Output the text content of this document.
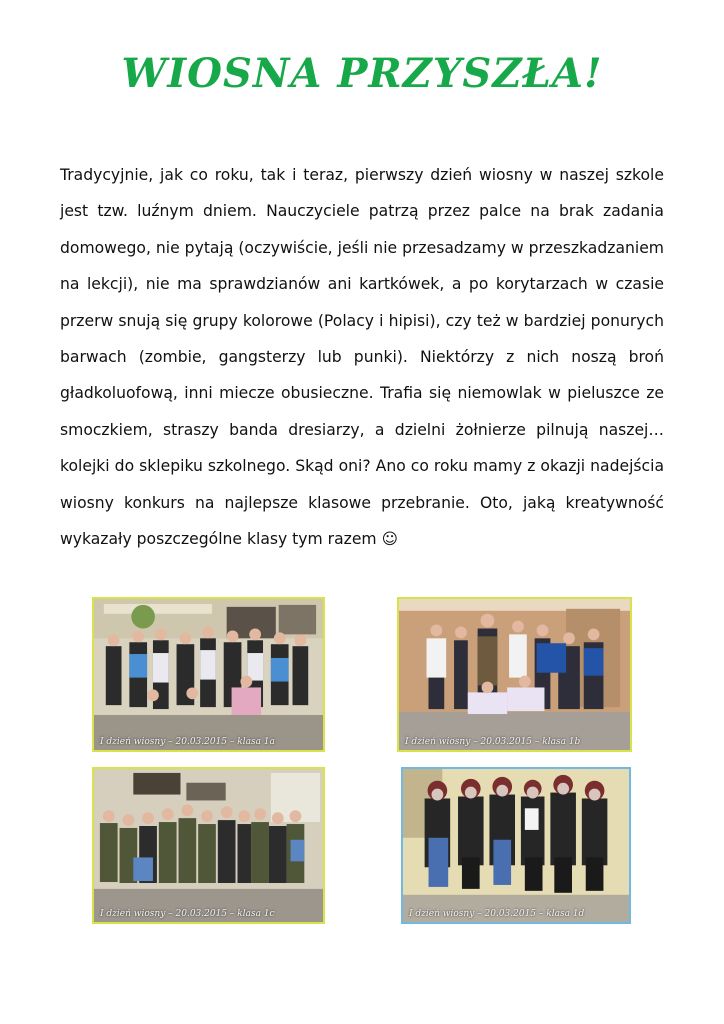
WIOSNA PRZYSZŁA!

Tradycyjnie, jak co roku, tak i teraz, pierwszy dzień wiosny w naszej szkole jest tzw. luźnym dniem. Nauczyciele patrzą przez palce na brak zadania domowego, nie pytają (oczywiście, jeśli nie przesadzamy w przeszkadzaniem na lekcji), nie ma sprawdzianów ani kartkówek, a po korytarzach w czasie przerw snują się grupy kolorowe (Polacy i hipisi), czy też w bardziej ponurych barwach (zombie, gangsterzy lub punki). Niektórzy z nich noszą broń gładkoluofową, inni miecze obusieczne. Trafia się niemowlak w pieluszce ze smoczkiem, straszy banda dresiarzy, a dzielni żołnierze pilnują naszej… kolejki do sklepiku szkolnego. Skąd oni? Ano co roku mamy z okazji nadejścia wiosny konkurs na najlepsze klasowe przebranie. Oto, jaką kreatywność wykazały poszczególne klasy tym razem ☺

I dzień wiosny – 20.03.2015 – klasa 1a	I dzień wiosny – 20.03.2015 – klasa 1b
I dzień wiosny – 20.03.2015 – klasa 1c	I dzień wiosny – 20.03.2015 – klasa 1d
